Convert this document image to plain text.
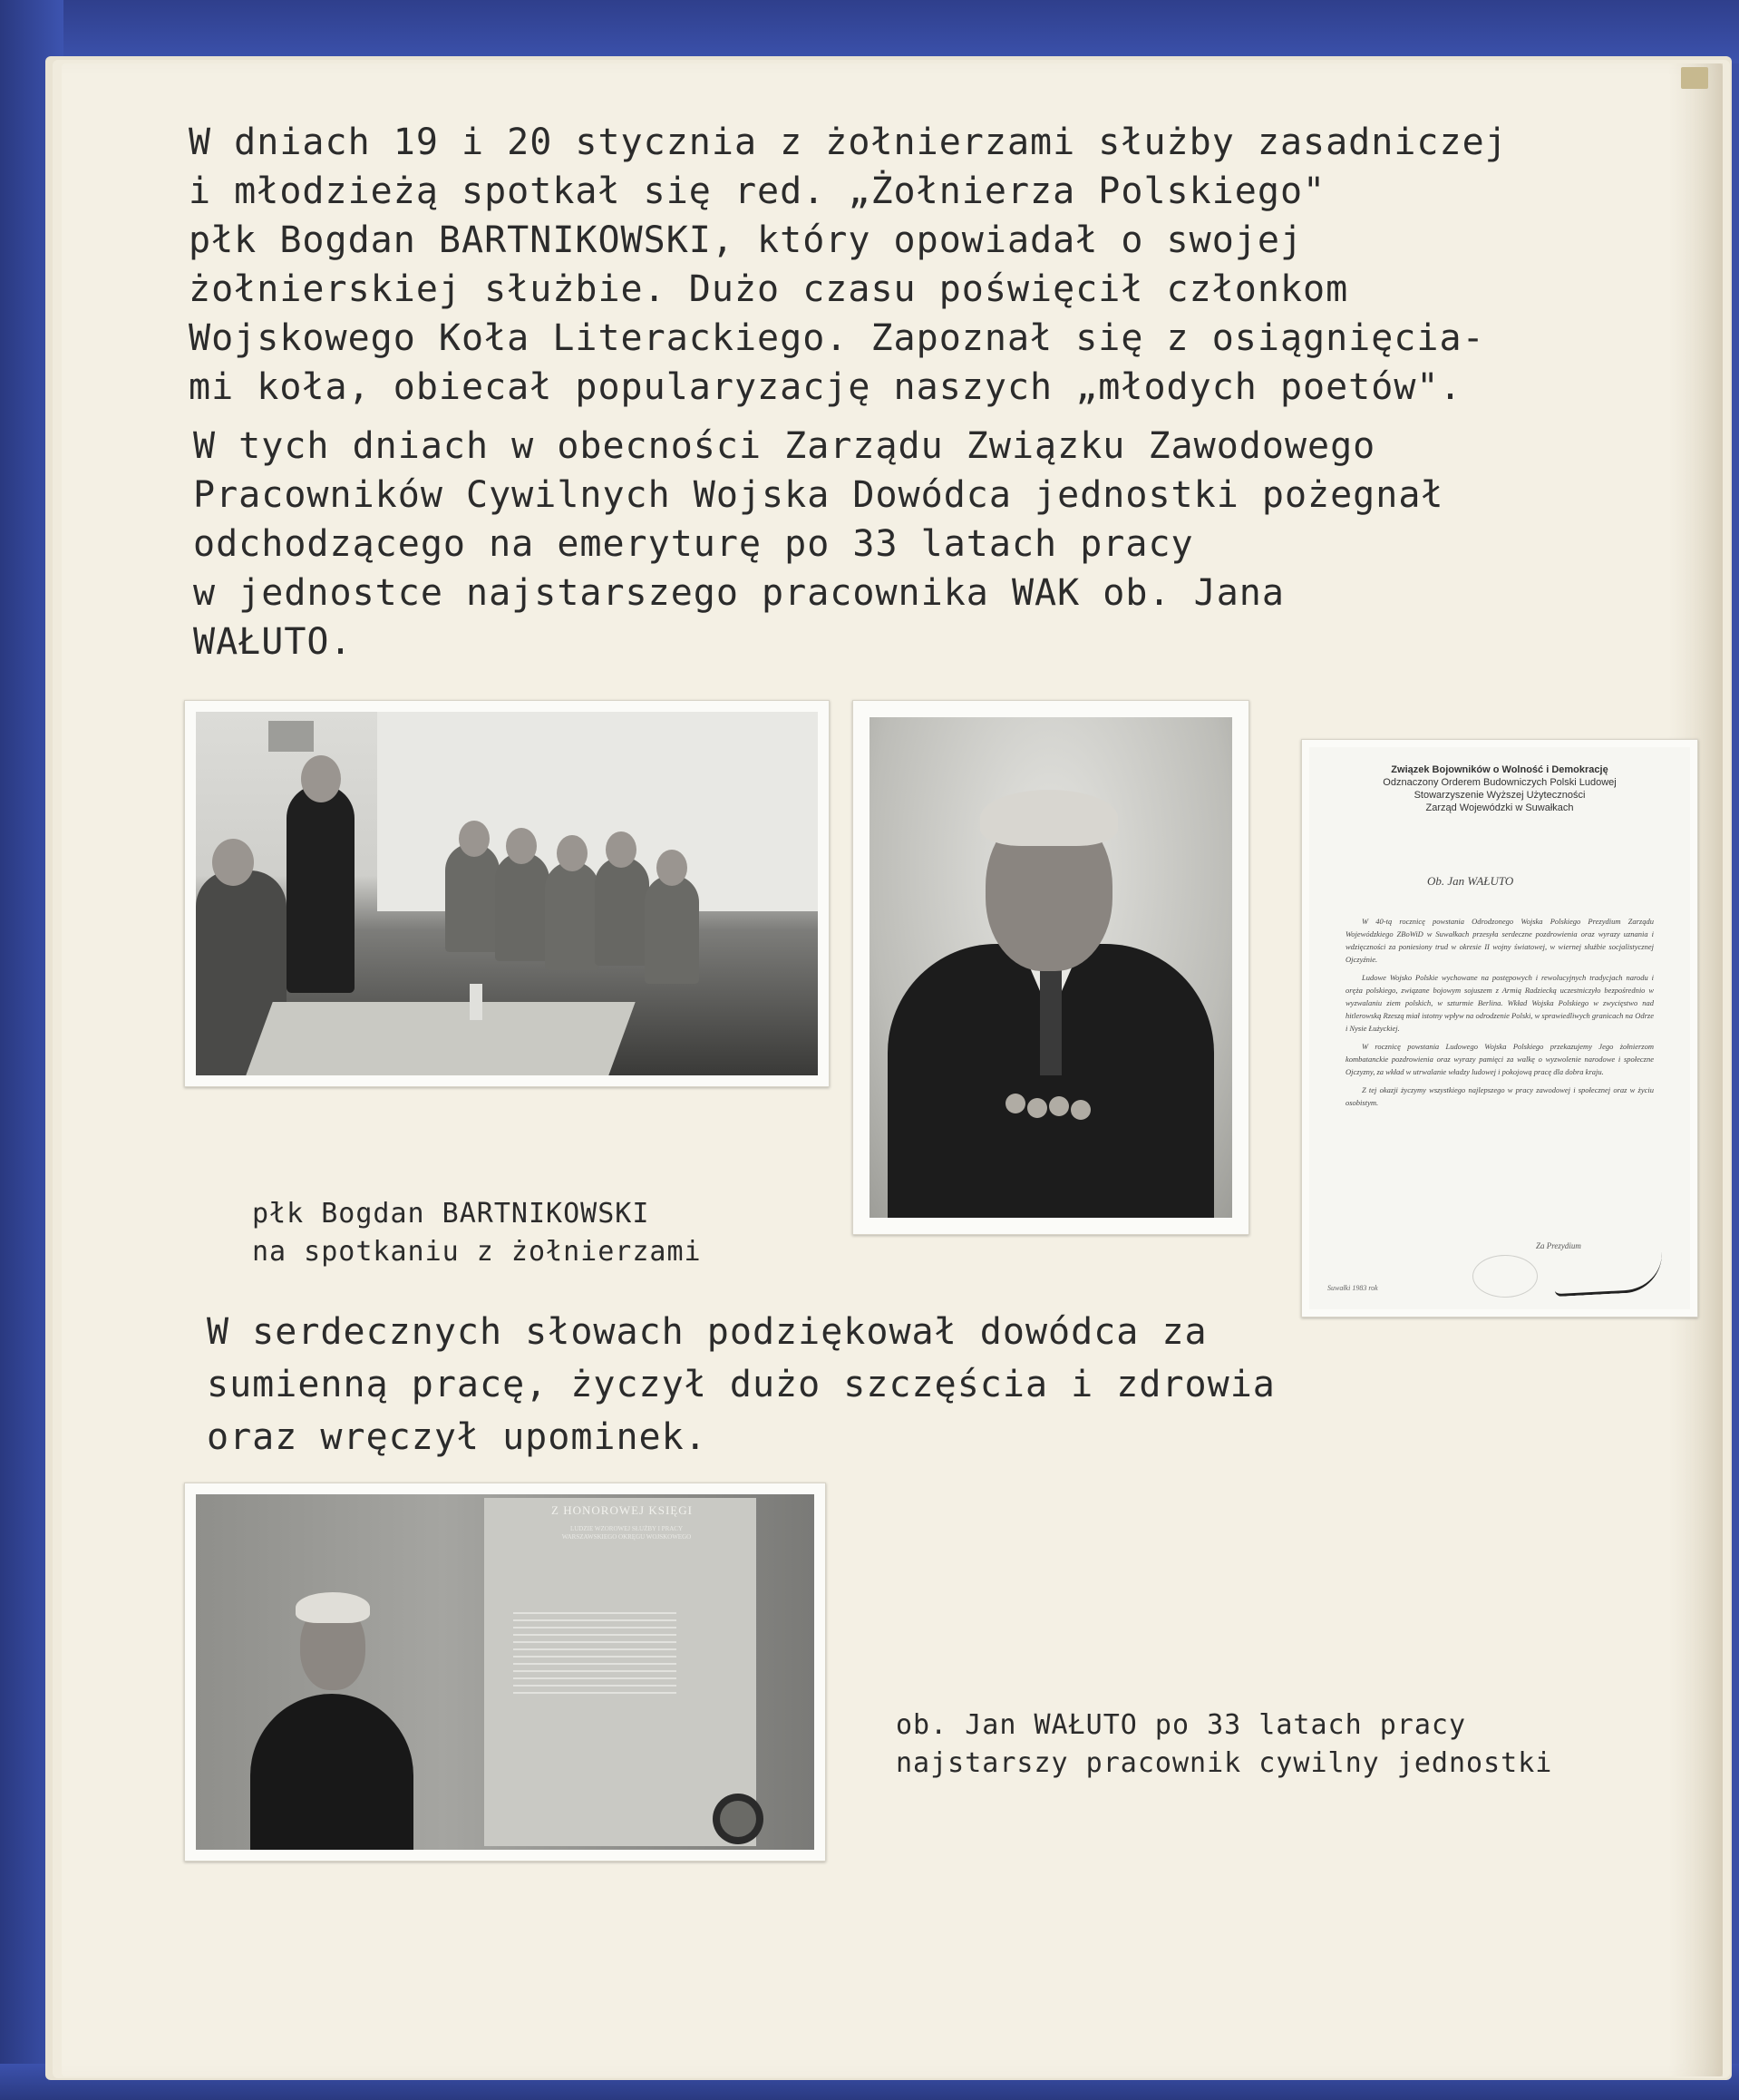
W dniach 19 i 20 stycznia z żołnierzami służby zasadniczej
i młodzieżą spotkał się red. „Żołnierza Polskiego"
płk Bogdan BARTNIKOWSKI, który opowiadał o swojej
żołnierskiej służbie. Dużo czasu poświęcił członkom
Wojskowego Koła Literackiego. Zapoznał się z osiągnięcia-
mi koła, obiecał popularyzację naszych „młodych poetów".
W tych dniach w obecności Zarządu Związku Zawodowego
Pracowników Cywilnych Wojska Dowódca jednostki pożegnał
odchodzącego na emeryturę po 33 latach pracy
w jednostce najstarszego pracownika WAK ob. Jana
WAŁUTO.
Związek Bojowników o Wolność i Demokrację
Odznaczony Orderem Budowniczych Polski Ludowej
Stowarzyszenie Wyższej Użyteczności
Zarząd Wojewódzki w Suwałkach
Ob. Jan WAŁUTO

W 40-tą rocznicę powstania Odrodzonego Wojska Polskiego Prezydium Zarządu Wojewódzkiego ZBoWiD w Suwałkach przesyła serdeczne pozdrowienia oraz wyrazy uznania i wdzięczności za poniesiony trud w okresie II wojny światowej, w wiernej służbie socjalistycznej Ojczyźnie.

Ludowe Wojsko Polskie wychowane na postępowych i rewolucyjnych tradycjach narodu i oręża polskiego, związane bojowym sojuszem z Armią Radziecką uczestniczyło bezpośrednio w wyzwalaniu ziem polskich, w szturmie Berlina. Wkład Wojska Polskiego w zwycięstwo nad hitlerowską Rzeszą miał istotny wpływ na odrodzenie Polski, w sprawiedliwych granicach na Odrze i Nysie Łużyckiej.

W rocznicę powstania Ludowego Wojska Polskiego przekazujemy Jego żołnierzom kombatanckie pozdrowienia oraz wyrazy pamięci za walkę o wyzwolenie narodowe i społeczne Ojczyzny, za wkład w utrwalanie władzy ludowej i pokojową pracę dla dobra kraju.

Z tej okazji życzymy wszystkiego najlepszego w pracy zawodowej i społecznej oraz w życiu osobistym.

Za Prezydium
Suwałki 1983 rok
płk Bogdan BARTNIKOWSKI
na spotkaniu z żołnierzami
W serdecznych słowach podziękował dowódca za
sumienną pracę, życzył dużo szczęścia i zdrowia
oraz wręczył upominek.
Z HONOROWEJ KSIĘGI
LUDZIE WZOROWEJ SŁUŻBY I PRACY
WARSZAWSKIEGO OKRĘGU WOJSKOWEGO
ob. Jan WAŁUTO po 33 latach pracy
najstarszy pracownik cywilny jednostki
